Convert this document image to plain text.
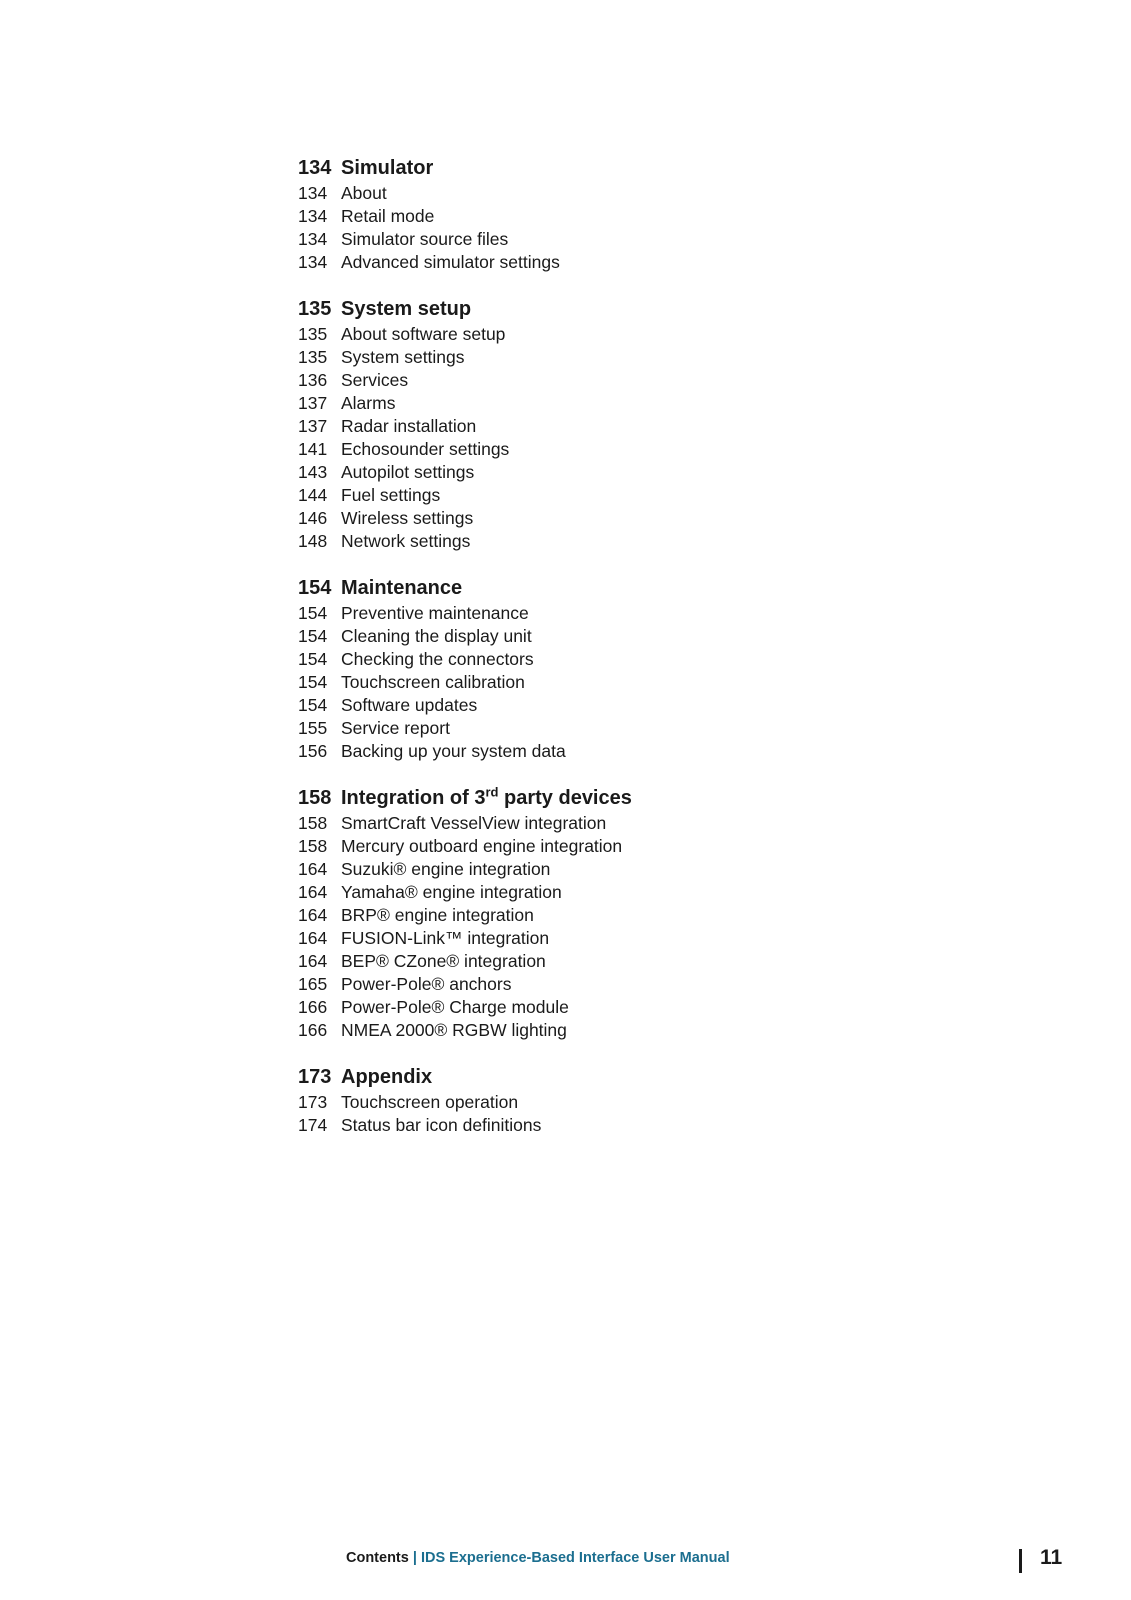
134 Simulator
134 About
134 Retail mode
134 Simulator source files
134 Advanced simulator settings
135 System setup
135 About software setup
135 System settings
136 Services
137 Alarms
137 Radar installation
141 Echosounder settings
143 Autopilot settings
144 Fuel settings
146 Wireless settings
148 Network settings
154 Maintenance
154 Preventive maintenance
154 Cleaning the display unit
154 Checking the connectors
154 Touchscreen calibration
154 Software updates
155 Service report
156 Backing up your system data
158 Integration of 3rd party devices
158 SmartCraft VesselView integration
158 Mercury outboard engine integration
164 Suzuki® engine integration
164 Yamaha® engine integration
164 BRP® engine integration
164 FUSION-Link™ integration
164 BEP® CZone® integration
165 Power-Pole® anchors
166 Power-Pole® Charge module
166 NMEA 2000® RGBW lighting
173 Appendix
173 Touchscreen operation
174 Status bar icon definitions
Contents | IDS Experience-Based Interface User Manual	11
